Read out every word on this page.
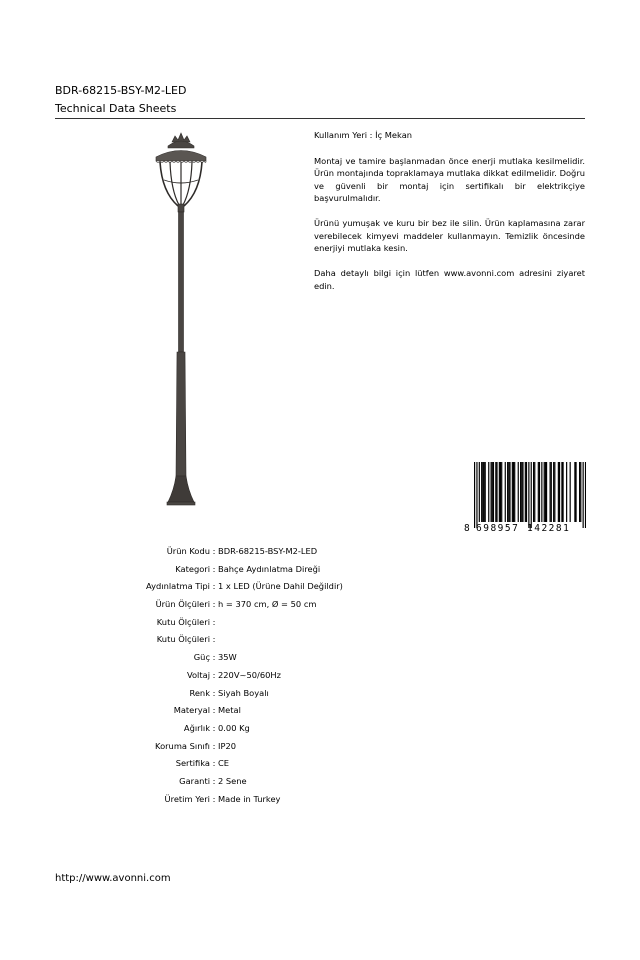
BDR-68215-BSY-M2-LED
Technical Data Sheets

Kullanım Yeri : İç Mekan

Montaj ve tamire başlanmadan önce enerji mutlaka kesilmelidir. Ürün montajında topraklamaya mutlaka dikkat edilmelidir. Doğru ve güvenli bir montaj için sertifikalı bir elektrikçiye başvurulmalıdır.

Ürünü yumuşak ve kuru bir bez ile silin. Ürün kaplamasına zarar verebilecek kimyevi maddeler kullanmayın. Temizlik öncesinde enerjiyi mutlaka kesin.

Daha detaylı bilgi için lütfen www.avonni.com adresini ziyaret edin.

8 698957 142281
Ürün Kodu : BDR-68215-BSY-M2-LED
Kategori : Bahçe Aydınlatma Direği
Aydınlatma Tipi : 1 x LED (Ürüne Dahil Değildir)
Ürün Ölçüleri : h = 370 cm, Ø = 50 cm
Kutu Ölçüleri :
Kutu Ölçüleri :
Güç : 35W
Voltaj : 220V~50/60Hz
Renk : Siyah Boyalı
Materyal : Metal
Ağırlık : 0.00 Kg
Koruma Sınıfı : IP20
Sertifika : CE
Garanti : 2 Sene
Üretim Yeri : Made in Turkey
http://www.avonni.com
